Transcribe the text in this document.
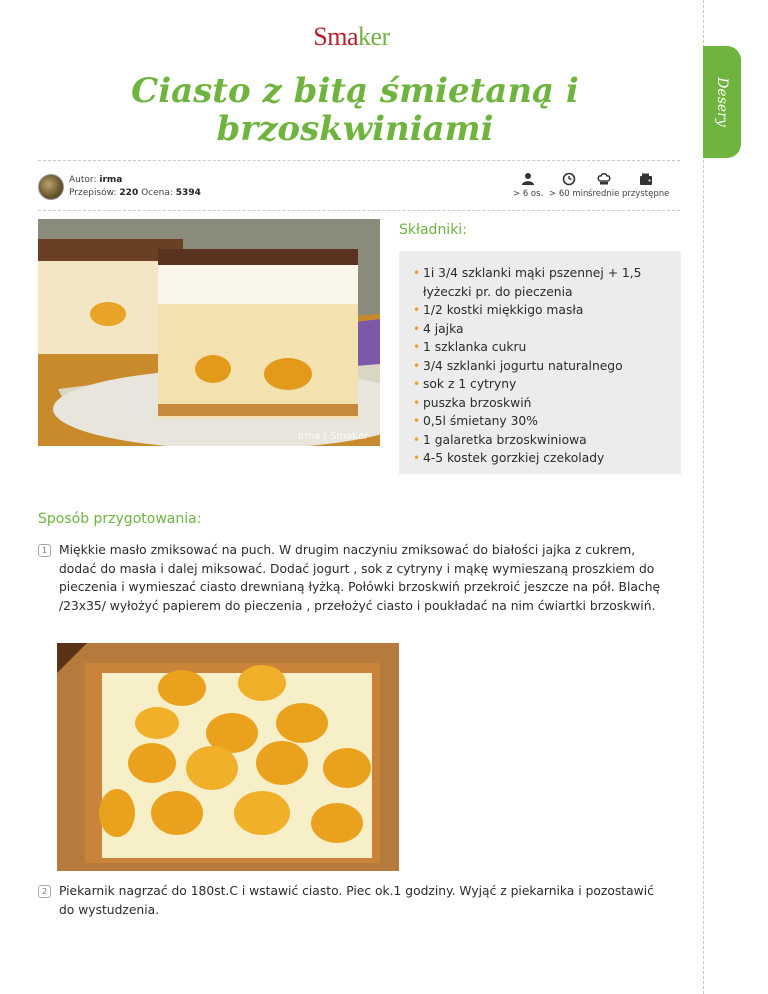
Desery
Smaker
Ciasto z bitą śmietaną i brzoskwiniami
Autor: irma
Przepisów: 220 Ocena: 5394	> 6 os. > 60 min średnie przystępne
irma | Smaker
Składniki:
• 1i 3/4 szklanki mąki pszennej + 1,5 łyżeczki pr. do pieczenia
• 1/2 kostki miękkigo masła
• 4 jajka
• 1 szklanka cukru
• 3/4 szklanki jogurtu naturalnego
• sok z 1 cytryny
• puszka brzoskwiń
• 0,5l śmietany 30%
• 1 galaretka brzoskwiniowa
• 4-5 kostek gorzkiej czekolady
Sposób przygotowania:
1 Miękkie masło zmiksować na puch. W drugim naczyniu zmiksować do białości jajka z cukrem, dodać do masła i dalej miksować. Dodać jogurt , sok z cytryny i mąkę wymieszaną proszkiem do pieczenia i wymieszać ciasto drewnianą łyżką. Połówki brzoskwiń przekroić jeszcze na pół. Blachę /23x35/ wyłożyć papierem do pieczenia , przełożyć ciasto i poukładać na nim ćwiartki brzoskwiń.
2 Piekarnik nagrzać do 180st.C i wstawić ciasto. Piec ok.1 godziny. Wyjąć z piekarnika i pozostawić do wystudzenia.
